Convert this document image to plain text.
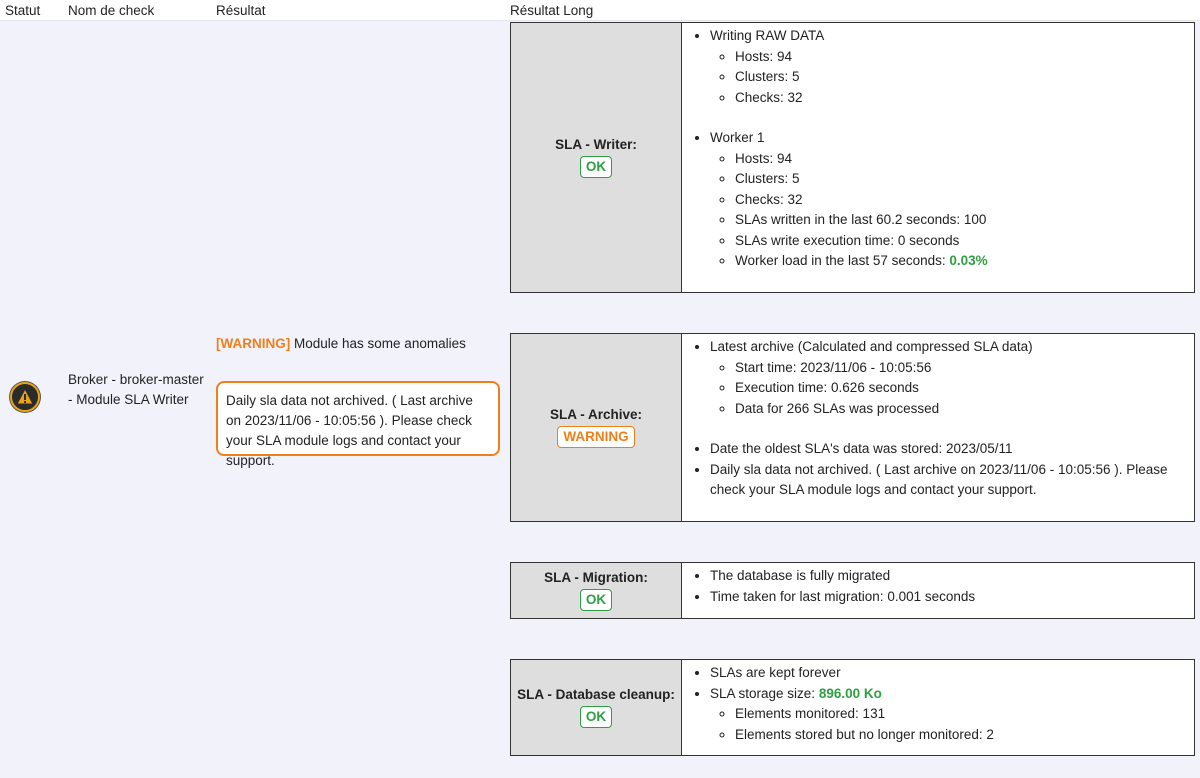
Statut Nom de check	Résultat	Résultat Long
Broker - broker-master - Module SLA Writer
[WARNING] Module has some anomalies
Daily sla data not archived. ( Last archive on 2023/11/06 - 10:05:56 ). Please check your SLA module logs and contact your support.
SLA - Writer:
OK
• Writing RAW DATA
◦ Hosts: 94
◦ Clusters: 5
◦ Checks: 32
• Worker 1
◦ Hosts: 94
◦ Clusters: 5
◦ Checks: 32
◦ SLAs written in the last 60.2 seconds: 100
◦ SLAs write execution time: 0 seconds
◦ Worker load in the last 57 seconds: 0.03%
SLA - Archive:
WARNING
• Latest archive (Calculated and compressed SLA data)
◦ Start time: 2023/11/06 - 10:05:56
◦ Execution time: 0.626 seconds
◦ Data for 266 SLAs was processed
• Date the oldest SLA's data was stored: 2023/05/11
• Daily sla data not archived. ( Last archive on 2023/11/06 - 10:05:56 ). Please check your SLA module logs and contact your support.
SLA - Migration:
OK
• The database is fully migrated
• Time taken for last migration: 0.001 seconds
SLA - Database cleanup:
OK
• SLAs are kept forever
• SLA storage size: 896.00 Ko
◦ Elements monitored: 131
◦ Elements stored but no longer monitored: 2
